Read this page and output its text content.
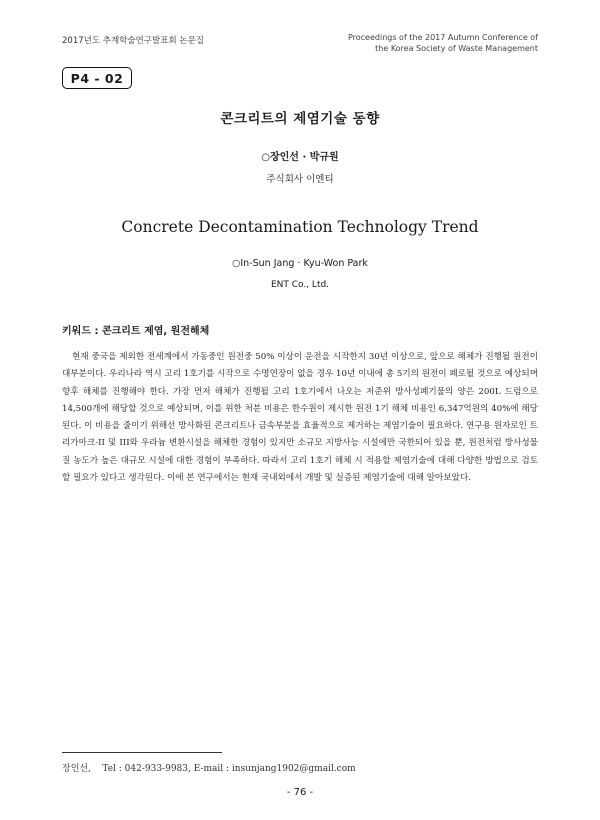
2017년도 추계학술연구발표회 논문집	Proceedings of the 2017 Autumn Conference of
the Korea Society of Waste Management
P4 - 02
콘크리트의 제염기술 동향
○장인선 · 박규원
주식회사 이엔티
Concrete Decontamination Technology Trend
○In-Sun Jang · Kyu-Won Park
ENT Co., Ltd.
키워드 : 콘크리트 제염, 원전해체

현재 중국을 제외한 전세계에서 가동중인 원전중 50% 이상이 운전을 시작한지 30년 이상으로, 앞으로 해체가 진행될 원전이 대부분이다. 우리나라 역시 고리 1호기를 시작으로 수명연장이 없을 경우 10년 이내에 총 5기의 원전이 폐로될 것으로 예상되며 향후 해체를 진행해야 한다. 가장 먼저 해체가 진행될 고리 1호기에서 나오는 저준위 방사성폐기물의 양은 200L 드럼으로 14,500개에 해당할 것으로 예상되며, 이를 위한 처분 비용은 한수원이 제시한 원전 1기 해체 비용인 6,347억원의 40%에 해당된다. 이 비용을 줄이기 위해선 방사화된 콘크리트나 금속부분을 효율적으로 제거하는 제염기술이 필요하다. 연구용 원자로인 트리가마크-II 및 III와 우라늄 변환시설을 해체한 경험이 있지만 소규모 지방사능 시설에만 국한되어 있을 뿐, 원전처럼 방사성물질 농도가 높은 대규모 시설에 대한 경험이 부족하다. 따라서 고리 1호기 해체 시 적용할 제염기술에 대해 다양한 방법으로 검토할 필요가 있다고 생각된다. 이에 본 연구에서는 현재 국내외에서 개발 및 실증된 제염기술에 대해 알아보았다.

장인선,    Tel : 042-933-9983, E-mail : insunjang1902@gmail.com
- 76 -
